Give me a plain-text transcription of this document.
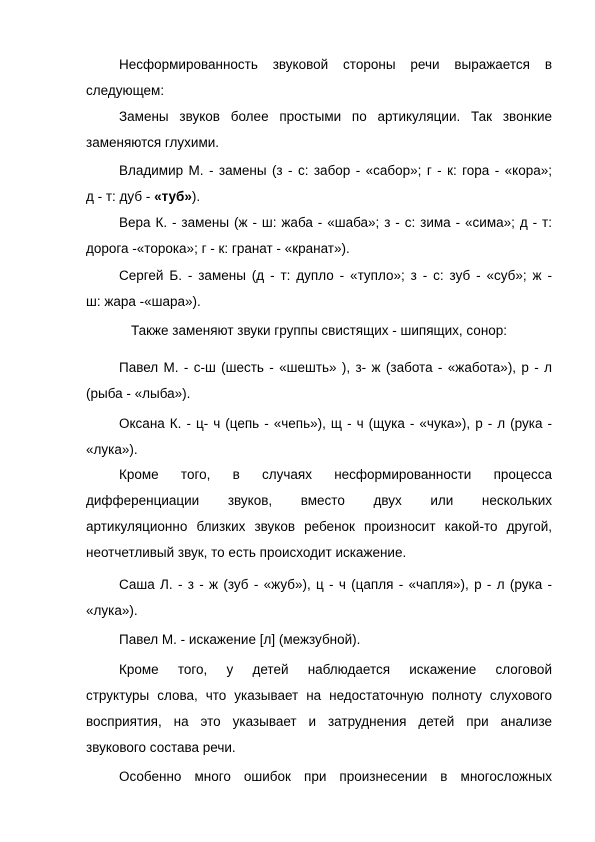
Несформированность звуковой стороны речи выражается в
следующем:
Замены звуков более простыми по артикуляции. Так звонкие
заменяются глухими.
Владимир М. - замены (з - с: забор - «сабор»; г - к: гора - «кора»;
д - т: дуб - «туб»).
Вера К. - замены (ж - ш: жаба - «шаба»; з - с: зима - «сима»; д - т:
дорога -«торока»; г - к: гранат - «кранат»).
Сергей Б. - замены (д - т: дупло - «тупло»; з - с: зуб - «суб»; ж -
ш: жара -«шара»).
Также заменяют звуки группы свистящих - шипящих, сонор:
Павел М. - с-ш (шесть - «шешть» ), з- ж (забота - «жабота»), р - л
(рыба - «лыба»).
Оксана К. - ц- ч (цепь - «чепь»), щ - ч (щука - «чука»), р - л (рука -
«лука»).
Кроме того, в случаях несформированности процесса
дифференциации звуков, вместо двух или нескольких
артикуляционно близких звуков ребенок произносит какой-то другой,
неотчетливый звук, то есть происходит искажение.
Саша Л. - з - ж (зуб - «жуб»), ц - ч (цапля - «чапля»), р - л (рука -
«лука»).
Павел М. - искажение [л] (межзубной).
Кроме того, у детей наблюдается искажение слоговой
структуры слова, что указывает на недостаточную полноту слухового
восприятия, на это указывает и затруднения детей при анализе
звукового состава речи.
Особенно много ошибок при произнесении в многосложных
